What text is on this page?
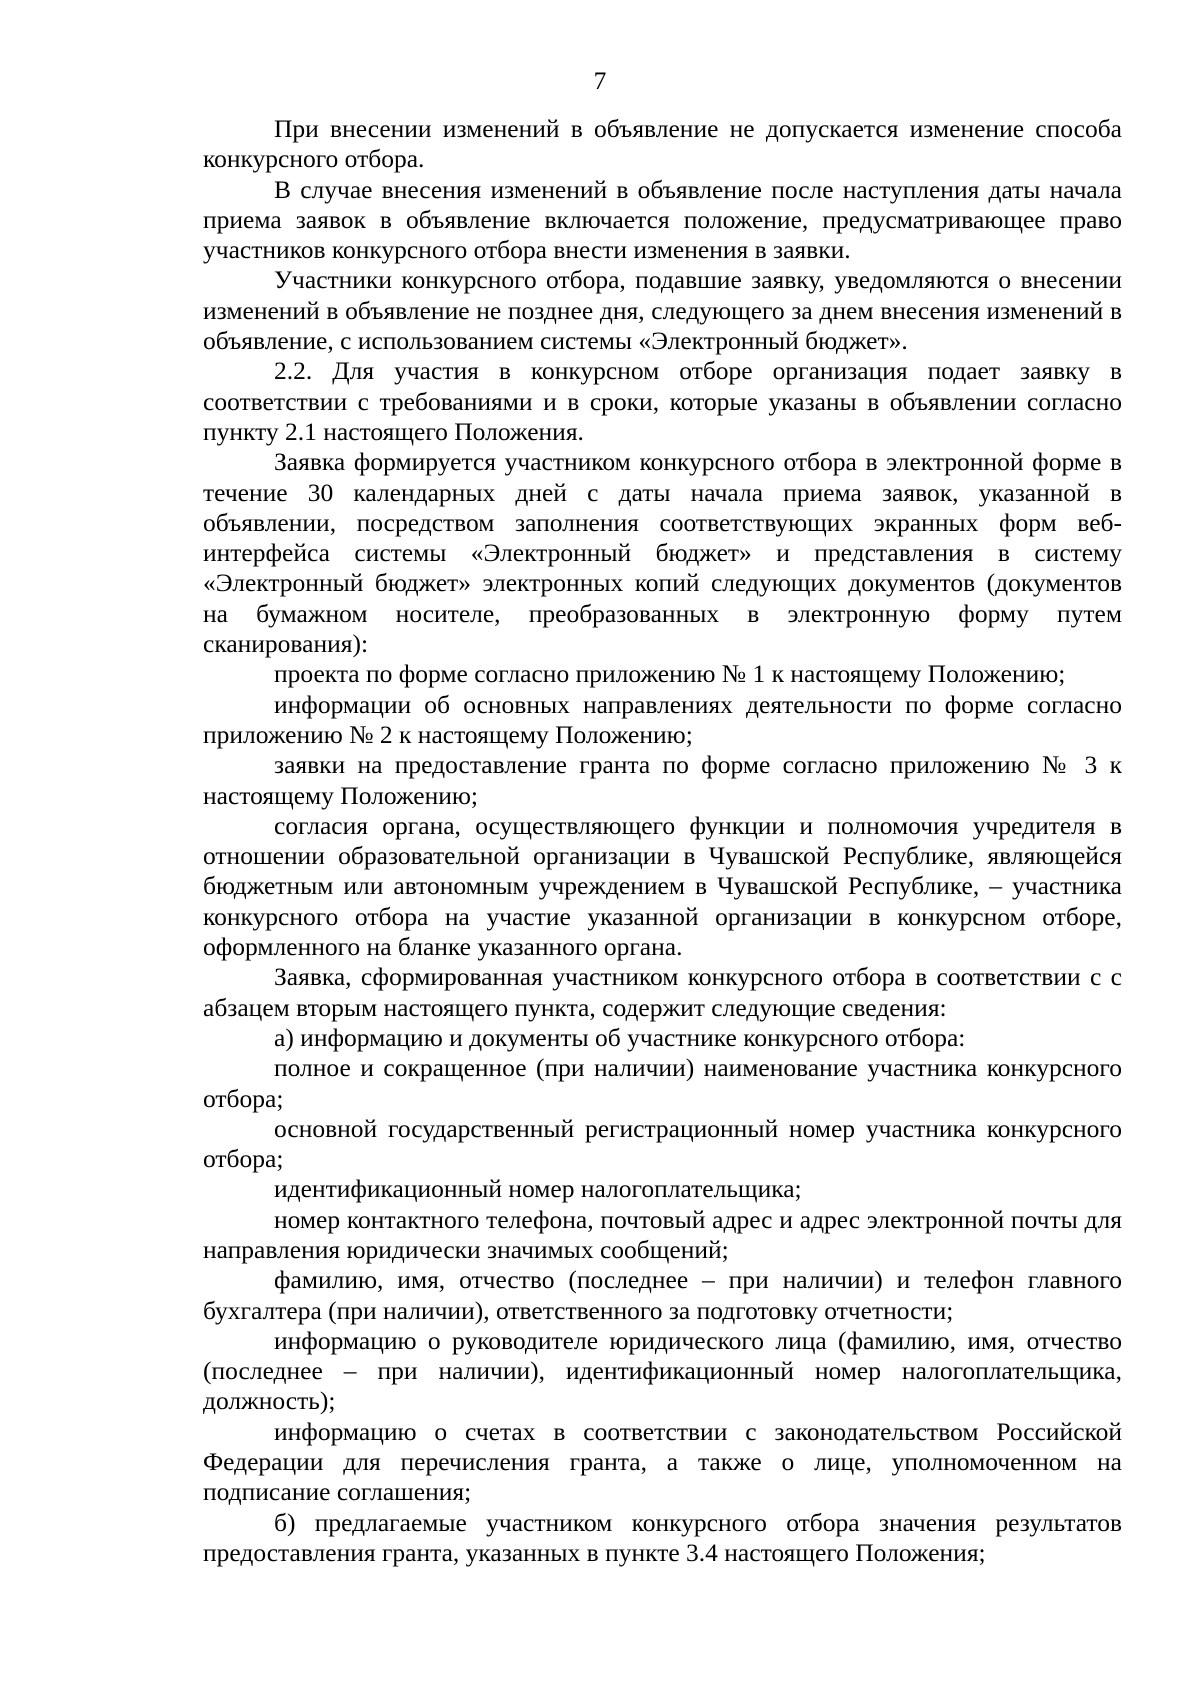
7

При внесении изменений в объявление не допускается изменение способа конкурсного отбора.

В случае внесения изменений в объявление после наступления даты начала приема заявок в объявление включается положение, предусматривающее право участников конкурсного отбора внести изменения в заявки.

Участники конкурсного отбора, подавшие заявку, уведомляются о внесении изменений в объявление не позднее дня, следующего за днем внесения изменений в объявление, с использованием системы «Электронный бюджет».

2.2. Для участия в конкурсном отборе организация подает заявку в соответствии с требованиями и в сроки, которые указаны в объявлении согласно пункту 2.1 настоящего Положения.

Заявка формируется участником конкурсного отбора в электронной форме в течение 30 календарных дней с даты начала приема заявок, указанной в объявлении, посредством заполнения соответствующих экранных форм веб-интерфейса системы «Электронный бюджет» и представления в систему «Электронный бюджет» электронных копий следующих документов (документов на бумажном носителе, преобразованных в электронную форму путем сканирования):

проекта по форме согласно приложению № 1 к настоящему Положению;

информации об основных направлениях деятельности по форме согласно приложению № 2 к настоящему Положению;

заявки на предоставление гранта по форме согласно приложению № 3 к настоящему Положению;

согласия органа, осуществляющего функции и полномочия учредителя в отношении образовательной организации в Чувашской Республике, являющейся бюджетным или автономным учреждением в Чувашской Республике, – участника конкурсного отбора на участие указанной организации в конкурсном отборе, оформленного на бланке указанного органа.

Заявка, сформированная участником конкурсного отбора в соответствии с с абзацем вторым настоящего пункта, содержит следующие сведения:

а) информацию и документы об участнике конкурсного отбора:

полное и сокращенное (при наличии) наименование участника конкурсного отбора;

основной государственный регистрационный номер участника конкурсного отбора;

идентификационный номер налогоплательщика;

номер контактного телефона, почтовый адрес и адрес электронной почты для направления юридически значимых сообщений;

фамилию, имя, отчество (последнее – при наличии) и телефон главного бухгалтера (при наличии), ответственного за подготовку отчетности;

информацию о руководителе юридического лица (фамилию, имя, отчество (последнее – при наличии), идентификационный номер налогоплательщика, должность);

информацию о счетах в соответствии с законодательством Российской Федерации для перечисления гранта, а также о лице, уполномоченном на подписание соглашения;

б) предлагаемые участником конкурсного отбора значения результатов предоставления гранта, указанных в пункте 3.4 настоящего Положения;
